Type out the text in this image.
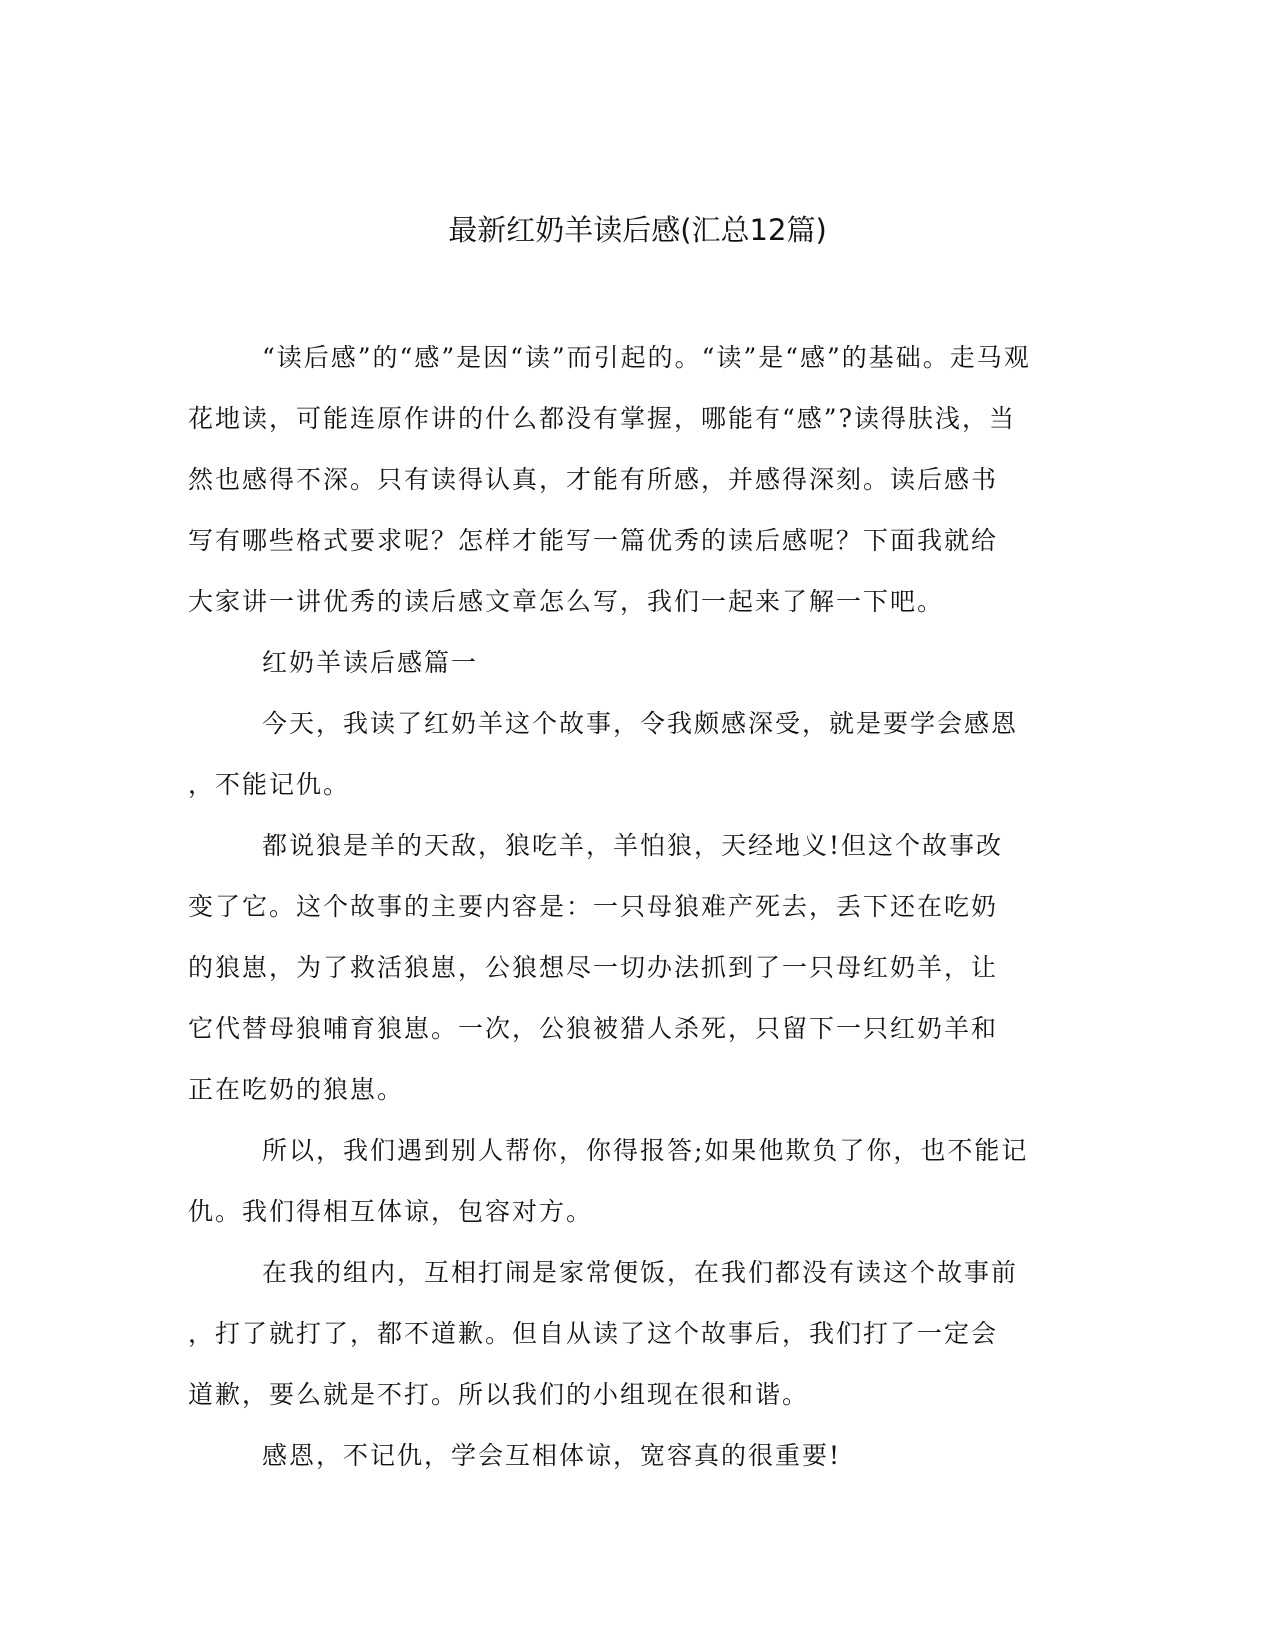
最新红奶羊读后感(汇总12篇)
“读后感”的“感”是因“读”而引起的。“读”是“感”的基础。走马观
花地读，可能连原作讲的什么都没有掌握，哪能有“感”?读得肤浅，当
然也感得不深。只有读得认真，才能有所感，并感得深刻。读后感书
写有哪些格式要求呢？怎样才能写一篇优秀的读后感呢？下面我就给
大家讲一讲优秀的读后感文章怎么写，我们一起来了解一下吧。
红奶羊读后感篇一
今天，我读了红奶羊这个故事，令我颇感深受，就是要学会感恩
，不能记仇。
都说狼是羊的天敌，狼吃羊，羊怕狼，天经地义!但这个故事改
变了它。这个故事的主要内容是：一只母狼难产死去，丢下还在吃奶
的狼崽，为了救活狼崽，公狼想尽一切办法抓到了一只母红奶羊，让
它代替母狼哺育狼崽。一次，公狼被猎人杀死，只留下一只红奶羊和
正在吃奶的狼崽。
所以，我们遇到别人帮你，你得报答;如果他欺负了你，也不能记
仇。我们得相互体谅，包容对方。
在我的组内，互相打闹是家常便饭，在我们都没有读这个故事前
，打了就打了，都不道歉。但自从读了这个故事后，我们打了一定会
道歉，要么就是不打。所以我们的小组现在很和谐。
感恩，不记仇，学会互相体谅，宽容真的很重要!
